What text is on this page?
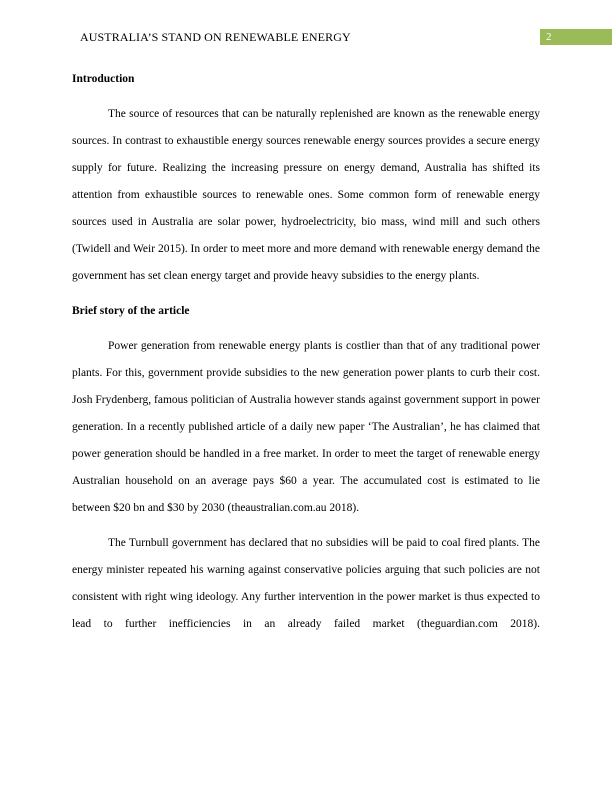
AUSTRALIA’S STAND ON RENEWABLE ENERGY	2

Introduction

The source of resources that can be naturally replenished are known as the renewable energy sources. In contrast to exhaustible energy sources renewable energy sources provides a secure energy supply for future. Realizing the increasing pressure on energy demand, Australia has shifted its attention from exhaustible sources to renewable ones. Some common form of renewable energy sources used in Australia are solar power, hydroelectricity, bio mass, wind mill and such others (Twidell and Weir 2015). In order to meet more and more demand with renewable energy demand the government has set clean energy target and provide heavy subsidies to the energy plants.

Brief story of the article

Power generation from renewable energy plants is costlier than that of any traditional power plants. For this, government provide subsidies to the new generation power plants to curb their cost. Josh Frydenberg, famous politician of Australia however stands against government support in power generation. In a recently published article of a daily new paper ‘The Australian’, he has claimed that power generation should be handled in a free market. In order to meet the target of renewable energy Australian household on an average pays $60 a year. The accumulated cost is estimated to lie between $20 bn and $30 by 2030 (theaustralian.com.au 2018).

The Turnbull government has declared that no subsidies will be paid to coal fired plants. The energy minister repeated his warning against conservative policies arguing that such policies are not consistent with right wing ideology. Any further intervention in the power market is thus expected to lead to further inefficiencies in an already failed market (theguardian.com 2018).
